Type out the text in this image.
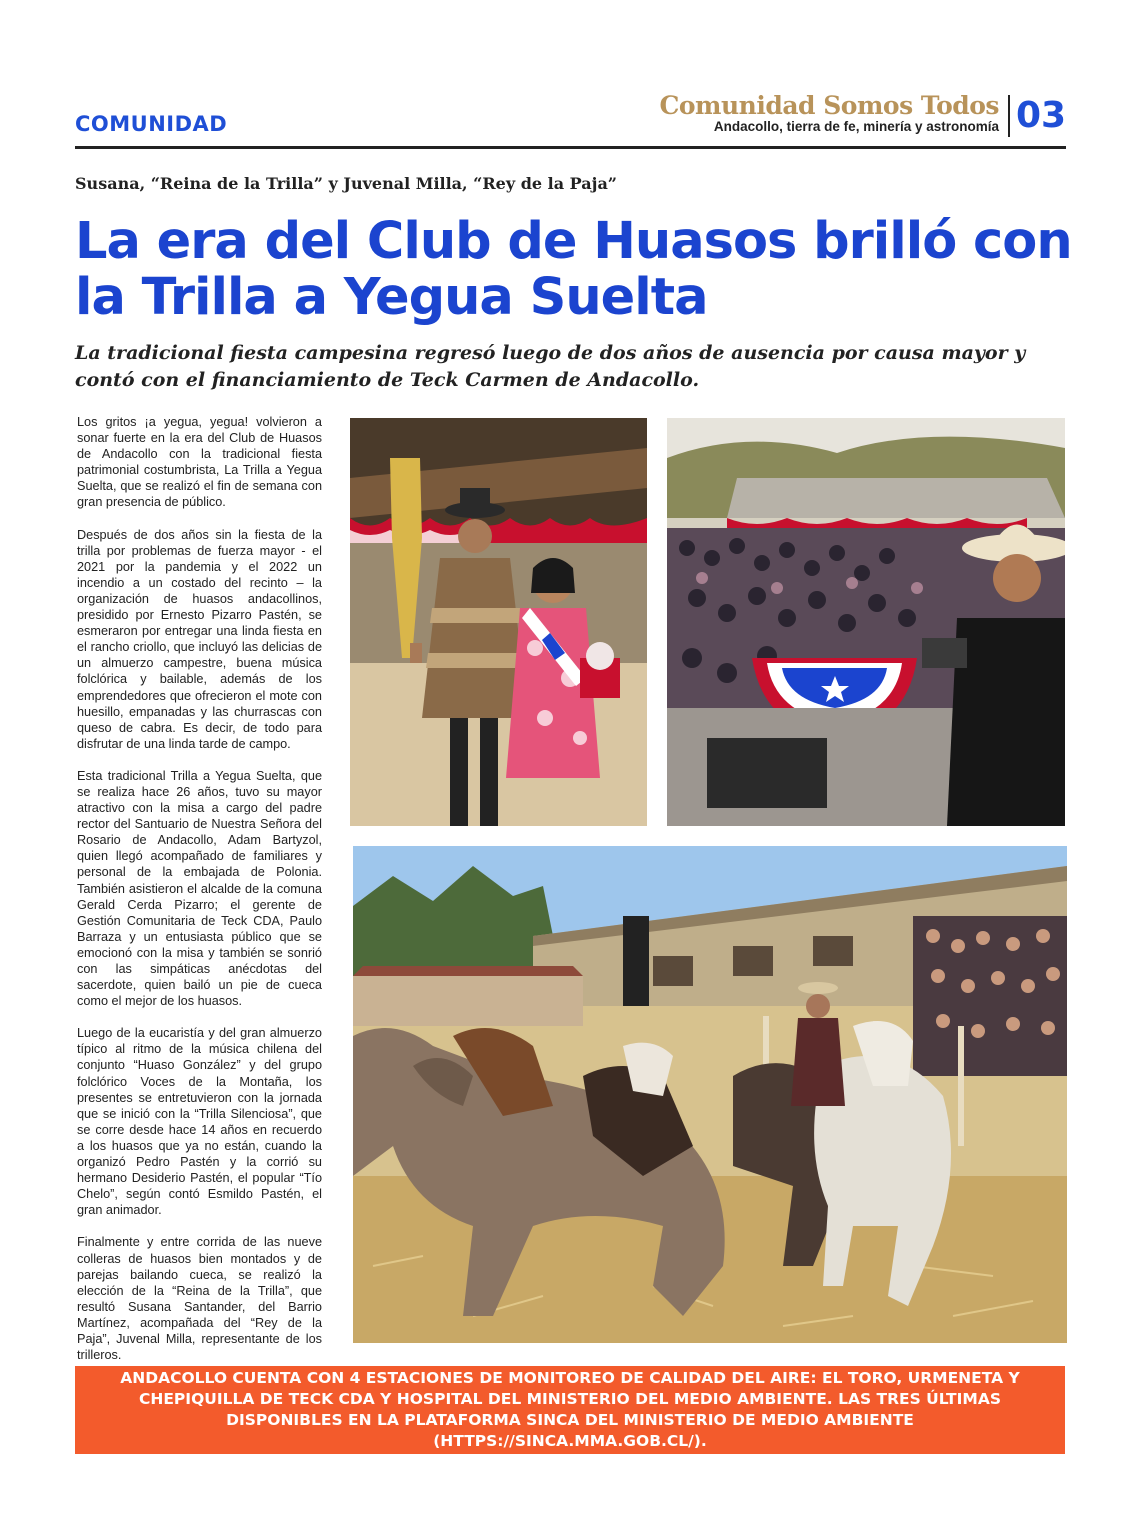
COMUNIDAD
Comunidad Somos Todos
Andacollo, tierra de fe, minería y astronomía 03
Susana, “Reina de la Trilla” y Juvenal Milla, “Rey de la Paja”
La era del Club de Huasos brilló con la Trilla a Yegua Suelta

La tradicional fiesta campesina regresó luego de dos años de ausencia por causa mayor y contó con el financiamiento de Teck Carmen de Andacollo.

Los gritos ¡a yegua, yegua! volvieron a sonar fuerte en la era del Club de Huasos de Andacollo con la tradicional fiesta patrimonial costumbrista, La Trilla a Yegua Suelta, que se realizó el fin de semana con gran presencia de público.

Después de dos años sin la fiesta de la trilla por problemas de fuerza mayor - el 2021 por la pandemia y el 2022 un incendio a un costado del recinto – la organización de huasos andacollinos, presidido por Ernesto Pizarro Pastén, se esmeraron por entregar una linda fiesta en el rancho criollo, que incluyó las delicias de un almuerzo campestre, buena música folclórica y bailable, además de los emprendedores que ofrecieron el mote con huesillo, empanadas y las churrascas con queso de cabra. Es decir, de todo para disfrutar de una linda tarde de campo.

Esta tradicional Trilla a Yegua Suelta, que se realiza hace 26 años, tuvo su mayor atractivo con la misa a cargo del padre rector del Santuario de Nuestra Señora del Rosario de Andacollo, Adam Bartyzol, quien llegó acompañado de familiares y personal de la embajada de Polonia. También asistieron el alcalde de la comuna Gerald Cerda Pizarro; el gerente de Gestión Comunitaria de Teck CDA, Paulo Barraza y un entusiasta público que se emocionó con la misa y también se sonrió con las simpáticas anécdotas del sacerdote, quien bailó un pie de cueca como el mejor de los huasos.

Luego de la eucaristía y del gran almuerzo típico al ritmo de la música chilena del conjunto “Huaso González” y del grupo folclórico Voces de la Montaña, los presentes se entretuvieron con la jornada que se inició con la “Trilla Silenciosa”, que se corre desde hace 14 años en recuerdo a los huasos que ya no están, cuando la organizó Pedro Pastén y la corrió su hermano Desiderio Pastén, el popular “Tío Chelo”, según contó Esmildo Pastén, el gran animador.

Finalmente y entre corrida de las nueve colleras de huasos bien montados y de parejas bailando cueca, se realizó la elección de la “Reina de la Trilla”, que resultó Susana Santander, del Barrio Martínez, acompañada del “Rey de la Paja”, Juvenal Milla, representante de los trilleros.

ANDACOLLO CUENTA CON 4 ESTACIONES DE MONITOREO DE CALIDAD DEL AIRE: EL TORO, URMENETA Y CHEPIQUILLA DE TECK CDA Y HOSPITAL DEL MINISTERIO DEL MEDIO AMBIENTE. LAS TRES ÚLTIMAS DISPONIBLES EN LA PLATAFORMA SINCA DEL MINISTERIO DE MEDIO AMBIENTE (HTTPS://SINCA.MMA.GOB.CL/).
